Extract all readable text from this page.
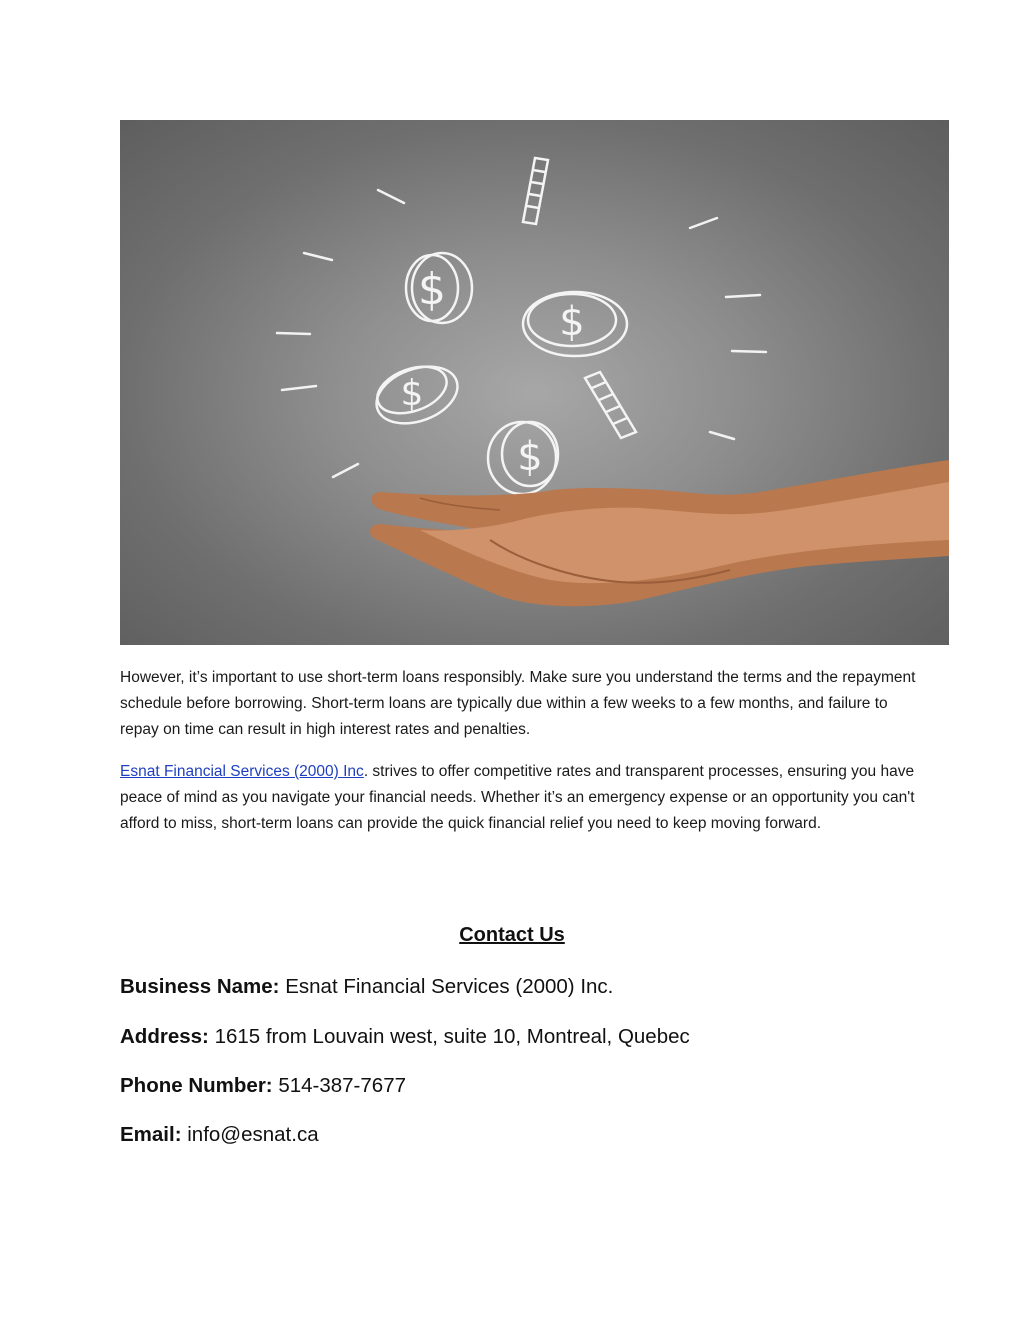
$
$
$
$

However, it’s important to use short-term loans responsibly. Make sure you understand the terms and the repayment schedule before borrowing. Short-term loans are typically due within a few weeks to a few months, and failure to repay on time can result in high interest rates and penalties.

Esnat Financial Services (2000) Inc. strives to offer competitive rates and transparent processes, ensuring you have peace of mind as you navigate your financial needs. Whether it’s an emergency expense or an opportunity you can't afford to miss, short-term loans can provide the quick financial relief you need to keep moving forward.

Contact Us

Business Name: Esnat Financial Services (2000) Inc.

Address: 1615 from Louvain west, suite 10, Montreal, Quebec

Phone Number: 514-387-7677

Email: info@esnat.ca
